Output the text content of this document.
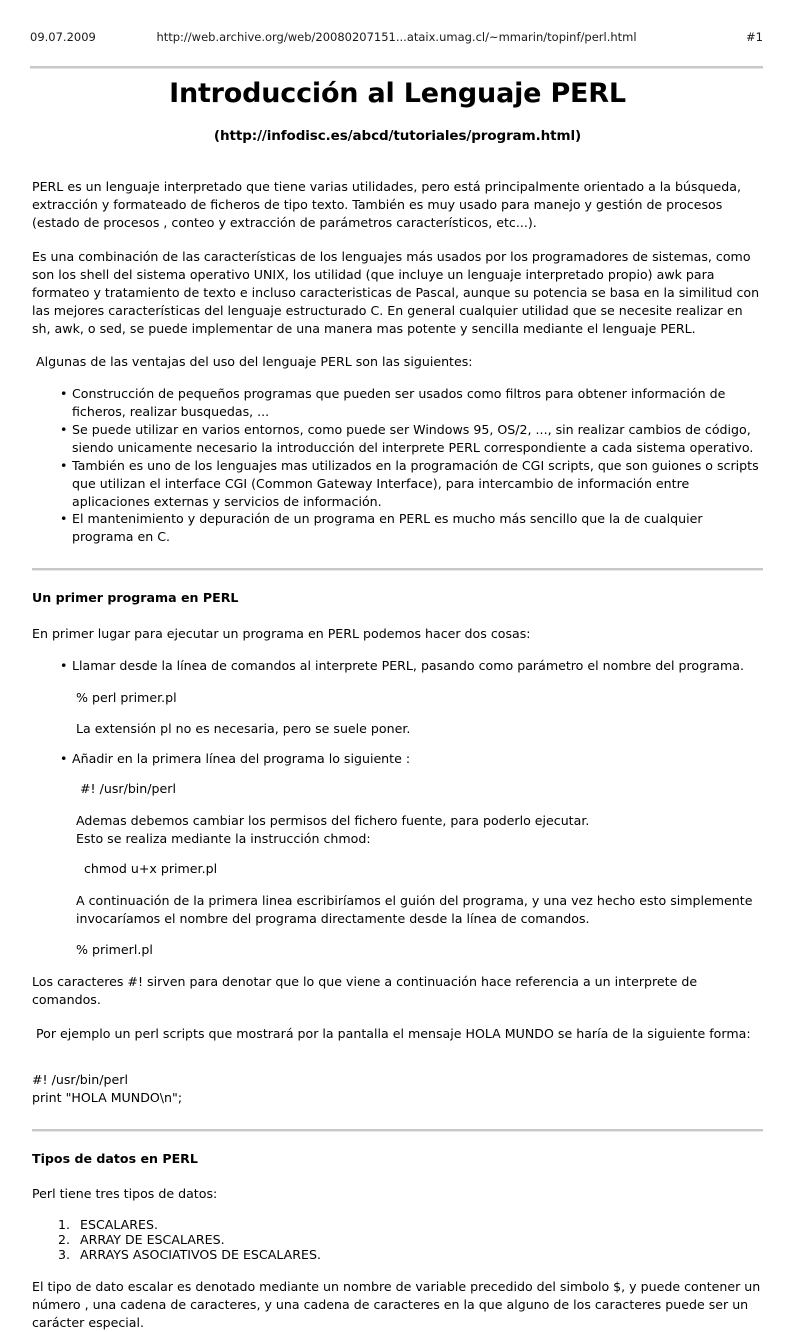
09.07.2009	http://web.archive.org/web/20080207151...ataix.umag.cl/~mmarin/topinf/perl.html	#1
Introducción al Lenguaje PERL
(http://infodisc.es/abcd/tutoriales/program.html)

PERL es un lenguaje interpretado que tiene varias utilidades, pero está principalmente orientado a la búsqueda, extracción y formateado de ficheros de tipo texto. También es muy usado para manejo y gestión de procesos (estado de procesos , conteo y extracción de parámetros característicos, etc...).

Es una combinación de las características de los lenguajes más usados por los programadores de sistemas, como son los shell del sistema operativo UNIX, los utilidad (que incluye un lenguaje interpretado propio) awk para formateo y tratamiento de texto e incluso caracteristicas de Pascal, aunque su potencia se basa en la similitud con las mejores características del lenguaje estructurado C. En general cualquier utilidad que se necesite realizar en sh, awk, o sed, se puede implementar de una manera mas potente y sencilla mediante el lenguaje PERL.

Algunas de las ventajas del uso del lenguaje PERL son las siguientes:

• Construcción de pequeños programas que pueden ser usados como filtros para obtener información de ficheros, realizar busquedas, ...
• Se puede utilizar en varios entornos, como puede ser Windows 95, OS/2, ..., sin realizar cambios de código, siendo unicamente necesario la introducción del interprete PERL correspondiente a cada sistema operativo.
• También es uno de los lenguajes mas utilizados en la programación de CGI scripts, que son guiones o scripts que utilizan el interface CGI (Common Gateway Interface), para intercambio de información entre aplicaciones externas y servicios de información.
• El mantenimiento y depuración de un programa en PERL es mucho más sencillo que la de cualquier programa en C.
Un primer programa en PERL

En primer lugar para ejecutar un programa en PERL podemos hacer dos cosas:

• Llamar desde la línea de comandos al interprete PERL, pasando como parámetro el nombre del programa.
% perl primer.pl
La extensión pl no es necesaria, pero se suele poner.
• Añadir en la primera línea del programa lo siguiente :
#! /usr/bin/perl
Ademas debemos cambiar los permisos del fichero fuente, para poderlo ejecutar.
Esto se realiza mediante la instrucción chmod:
chmod u+x primer.pl
A continuación de la primera linea escribiríamos el guión del programa, y una vez hecho esto simplemente invocaríamos el nombre del programa directamente desde la línea de comandos.
% primerl.pl

Los caracteres #! sirven para denotar que lo que viene a continuación hace referencia a un interprete de comandos.

Por ejemplo un perl scripts que mostrará por la pantalla el mensaje HOLA MUNDO se haría de la siguiente forma:

#! /usr/bin/perl
print "HOLA MUNDO\n";
Tipos de datos en PERL

Perl tiene tres tipos de datos:

ESCALARES.
ARRAY DE ESCALARES.
ARRAYS ASOCIATIVOS DE ESCALARES.

El tipo de dato escalar es denotado mediante un nombre de variable precedido del simbolo $, y puede contener un número , una cadena de caracteres, y una cadena de caracteres en la que alguno de los caracteres puede ser un carácter especial.
